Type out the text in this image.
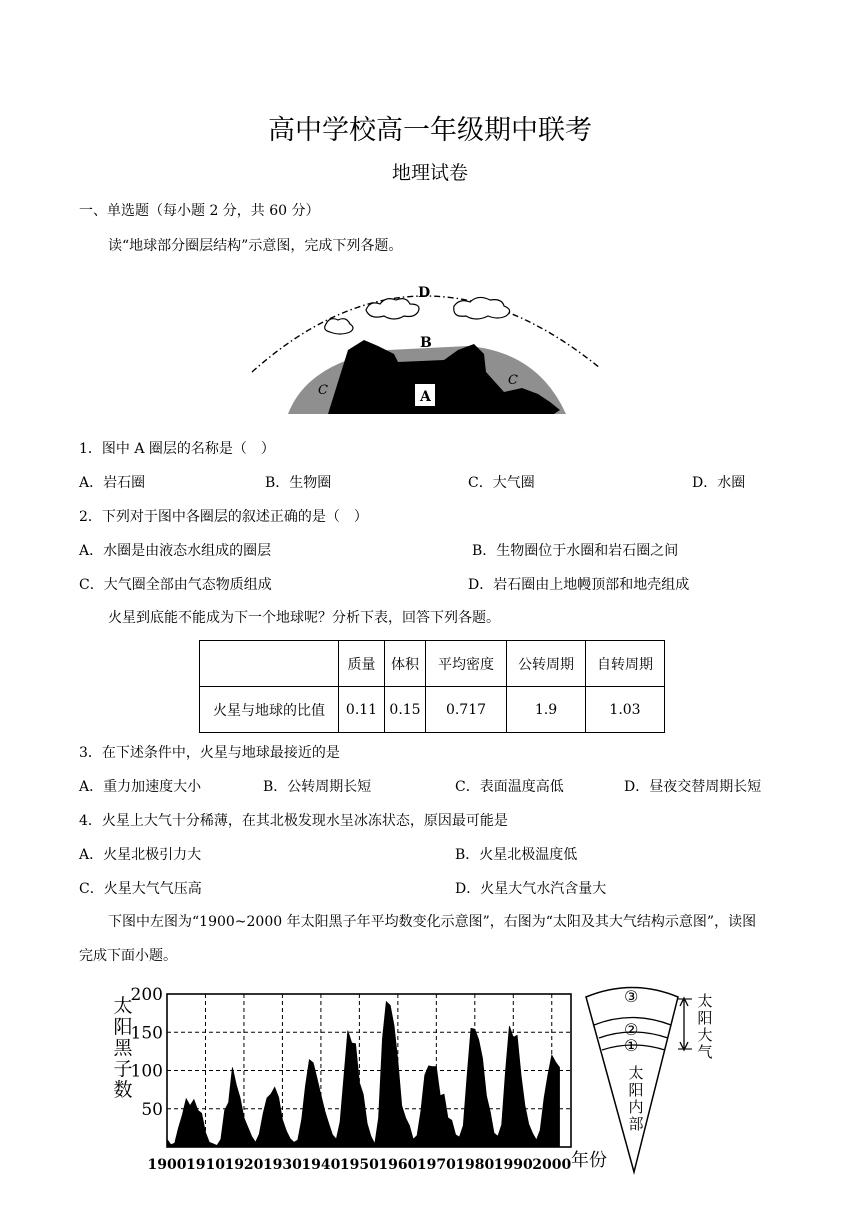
高中学校高一年级期中联考
地理试卷
一、单选题（每小题 2 分，共 60 分）
读“地球部分圈层结构”示意图，完成下列各题。
D
B
A
C
C
1．图中 A 圈层的名称是（　）
A．岩石圈	B．生物圈	C．大气圈	D．水圈
2．下列对于图中各圈层的叙述正确的是（　）
A．水圈是由液态水组成的圈层	B．生物圈位于水圈和岩石圈之间
C．大气圈全部由气态物质组成	D．岩石圈由上地幔顶部和地壳组成
火星到底能不能成为下一个地球呢？分析下表，回答下列各题。
	质量	体积	平均密度	公转周期	自转周期
火星与地球的比值	0.11	0.15	0.717	1.9	1.03
3．在下述条件中，火星与地球最接近的是
A．重力加速度大小	B．公转周期长短	C．表面温度高低	D．昼夜交替周期长短
4．火星上大气十分稀薄，在其北极发现水呈冰冻状态，原因最可能是
A．火星北极引力大	B．火星北极温度低
C．火星大气气压高	D．火星大气水汽含量大
下图中左图为“1900~2000 年太阳黑子年平均数变化示意图”，右图为“太阳及其大气结构示意图”，读图
完成下面小题。
50
100
150
200
1900 1910 1920 1930 1940 1950 1960 1970 1980 1990 2000
太
阳
黑
子
数
年份
③
②
①
太
阳
大
气
太
阳
内
部
